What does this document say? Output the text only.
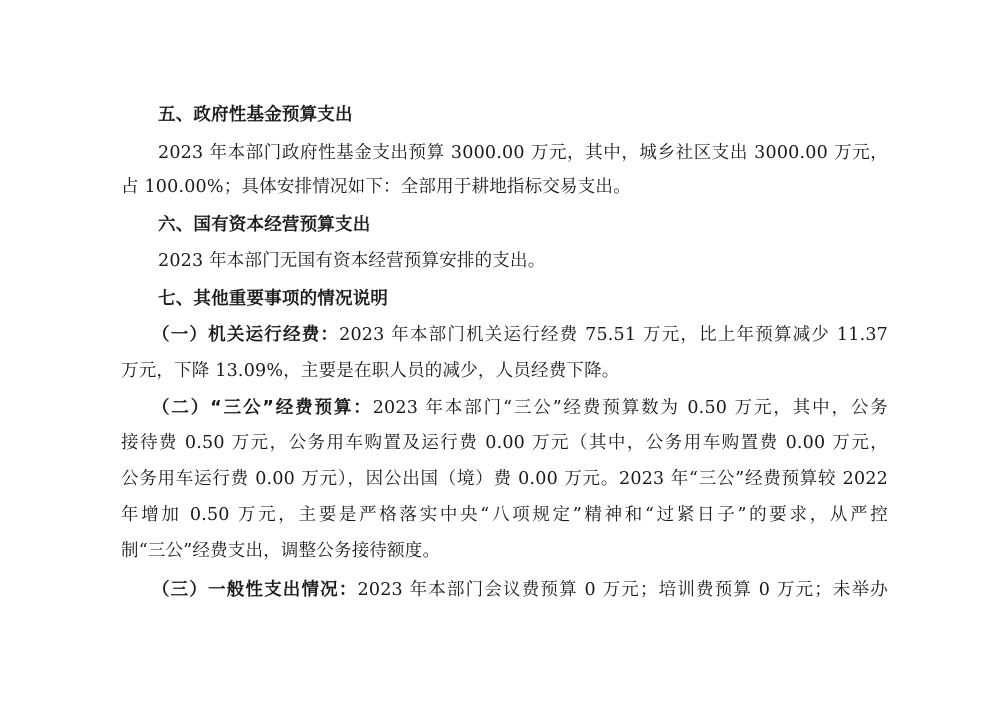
五、政府性基金预算支出
2023 年本部门政府性基金支出预算 3000.00 万元，其中，城乡社区支出 3000.00 万元，
占 100.00%；具体安排情况如下：全部用于耕地指标交易支出。
六、国有资本经营预算支出
2023 年本部门无国有资本经营预算安排的支出。
七、其他重要事项的情况说明
（一）机关运行经费：2023 年本部门机关运行经费 75.51 万元，比上年预算减少 11.37
万元，下降 13.09%，主要是在职人员的减少，人员经费下降。
（二）“三公”经费预算：2023 年本部门“三公”经费预算数为 0.50 万元，其中，公务
接待费 0.50 万元，公务用车购置及运行费 0.00 万元（其中，公务用车购置费 0.00 万元，
公务用车运行费 0.00 万元），因公出国（境）费 0.00 万元。2023 年“三公”经费预算较 2022
年增加 0.50 万元，主要是严格落实中央“八项规定”精神和“过紧日子”的要求，从严控
制“三公”经费支出，调整公务接待额度。
（三）一般性支出情况：2023 年本部门会议费预算 0 万元；培训费预算 0 万元；未举办
